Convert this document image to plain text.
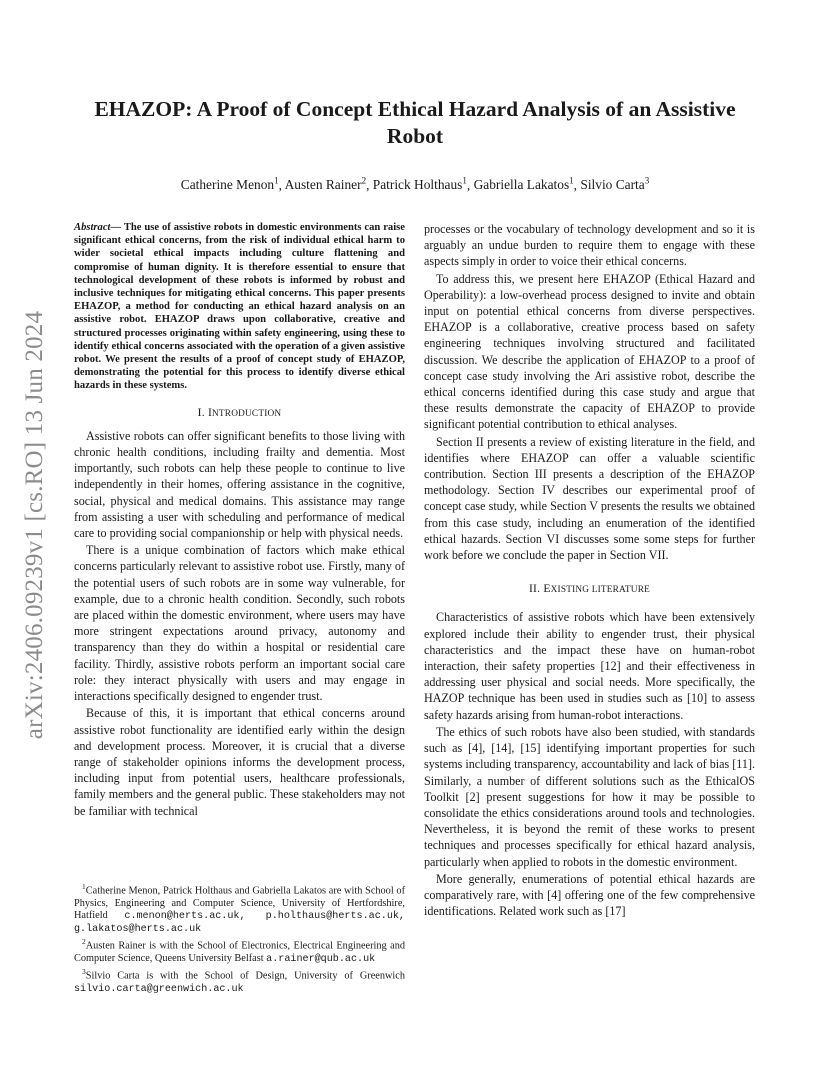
arXiv:2406.09239v1 [cs.RO] 13 Jun 2024
EHAZOP: A Proof of Concept Ethical Hazard Analysis of an Assistive Robot
Catherine Menon$^1$, Austen Rainer$^2$, Patrick Holthaus$^1$, Gabriella Lakatos$^1$, Silvio Carta$^3$

Abstract— The use of assistive robots in domestic environments can raise significant ethical concerns, from the risk of individual ethical harm to wider societal ethical impacts including culture flattening and compromise of human dignity. It is therefore essential to ensure that technological development of these robots is informed by robust and inclusive techniques for mitigating ethical concerns. This paper presents EHAZOP, a method for conducting an ethical hazard analysis on an assistive robot. EHAZOP draws upon collaborative, creative and structured processes originating within safety engineering, using these to identify ethical concerns associated with the operation of a given assistive robot. We present the results of a proof of concept study of EHAZOP, demonstrating the potential for this process to identify diverse ethical hazards in these systems.

I. INTRODUCTION

Assistive robots can offer significant benefits to those living with chronic health conditions, including frailty and dementia. Most importantly, such robots can help these people to continue to live independently in their homes, offering assistance in the cognitive, social, physical and medical domains. This assistance may range from assisting a user with scheduling and performance of medical care to providing social companionship or help with physical needs.

There is a unique combination of factors which make ethical concerns particularly relevant to assistive robot use. Firstly, many of the potential users of such robots are in some way vulnerable, for example, due to a chronic health condition. Secondly, such robots are placed within the domestic environment, where users may have more stringent expectations around privacy, autonomy and transparency than they do within a hospital or residential care facility. Thirdly, assistive robots perform an important social care role: they interact physically with users and may engage in interactions specifically designed to engender trust.

Because of this, it is important that ethical concerns around assistive robot functionality are identified early within the design and development process. Moreover, it is crucial that a diverse range of stakeholder opinions informs the development process, including input from potential users, healthcare professionals, family members and the general public. These stakeholders may not be familiar with technical

$^1$Catherine Menon, Patrick Holthaus and Gabriella Lakatos are with School of Physics, Engineering and Computer Science, University of Hertfordshire, Hatfield c.menon@herts.ac.uk, p.holthaus@herts.ac.uk, g.lakatos@herts.ac.uk

$^2$Austen Rainer is with the School of Electronics, Electrical Engineering and Computer Science, Queens University Belfast a.rainer@qub.ac.uk

$^3$Silvio Carta is with the School of Design, University of Greenwich silvio.carta@greenwich.ac.uk

processes or the vocabulary of technology development and so it is arguably an undue burden to require them to engage with these aspects simply in order to voice their ethical concerns.

To address this, we present here EHAZOP (Ethical Hazard and Operability): a low-overhead process designed to invite and obtain input on potential ethical concerns from diverse perspectives. EHAZOP is a collaborative, creative process based on safety engineering techniques involving structured and facilitated discussion. We describe the application of EHAZOP to a proof of concept case study involving the Ari assistive robot, describe the ethical concerns identified during this case study and argue that these results demonstrate the capacity of EHAZOP to provide significant potential contribution to ethical analyses.

Section II presents a review of existing literature in the field, and identifies where EHAZOP can offer a valuable scientific contribution. Section III presents a description of the EHAZOP methodology. Section IV describes our experimental proof of concept case study, while Section V presents the results we obtained from this case study, including an enumeration of the identified ethical hazards. Section VI discusses some some steps for further work before we conclude the paper in Section VII.

II. EXISTING LITERATURE

Characteristics of assistive robots which have been extensively explored include their ability to engender trust, their physical characteristics and the impact these have on human-robot interaction, their safety properties [12] and their effectiveness in addressing user physical and social needs. More specifically, the HAZOP technique has been used in studies such as [10] to assess safety hazards arising from human-robot interactions.

The ethics of such robots have also been studied, with standards such as [4], [14], [15] identifying important properties for such systems including transparency, accountability and lack of bias [11]. Similarly, a number of different solutions such as the EthicalOS Toolkit [2] present suggestions for how it may be possible to consolidate the ethics considerations around tools and technologies. Nevertheless, it is beyond the remit of these works to present techniques and processes specifically for ethical hazard analysis, particularly when applied to robots in the domestic environment.

More generally, enumerations of potential ethical hazards are comparatively rare, with [4] offering one of the few comprehensive identifications. Related work such as [17]
